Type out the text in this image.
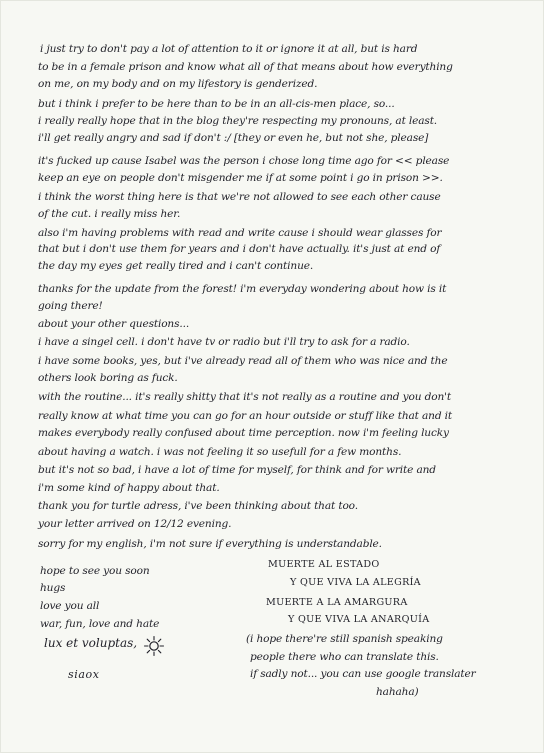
i just try to don't pay a lot of attention to it or ignore it at all, but is hard
to be in a female prison and know what all of that means about how everything
on me, on my body and on my lifestory is genderized.
but i think i prefer to be here than to be in an all-cis-men place, so...
i really really hope that in the blog they're respecting my pronouns, at least.
i'll get really angry and sad if don't :/ [they or even he, but not she, please]
it's fucked up cause Isabel was the person i chose long time ago for << please
keep an eye on people don't misgender me if at some point i go in prison >>.
i think the worst thing here is that we're not allowed to see each other cause
of the cut. i really miss her.
also i'm having problems with read and write cause i should wear glasses for
that but i don't use them for years and i don't have actually. it's just at end of
the day my eyes get really tired and i can't continue.
thanks for the update from the forest! i'm everyday wondering about how is it
going there!
about your other questions...
i have a singel cell. i don't have tv or radio but i'll try to ask for a radio.
i have some books, yes, but i've already read all of them who was nice and the
others look boring as fuck.
with the routine... it's really shitty that it's not really as a routine and you don't
really know at what time you can go for an hour outside or stuff like that and it
makes everybody really confused about time perception. now i'm feeling lucky
about having a watch. i was not feeling it so usefull for a few months.
but it's not so bad, i have a lot of time for myself, for think and for write and
i'm some kind of happy about that.
thank you for turtle adress, i've been thinking about that too.
your letter arrived on 12/12 evening.
sorry for my english, i'm not sure if everything is understandable.
hope to see you soon
hugs
love you all
war, fun, love and hate
MUERTE AL ESTADO
Y QUE VIVA LA ALEGRÍA
MUERTE A LA AMARGURA
Y QUE VIVA LA ANARQUÍA
(i hope there're still spanish speaking
people there who can translate this.
if sadly not... you can use google translater
hahaha)
lux et voluptas,
siaox
